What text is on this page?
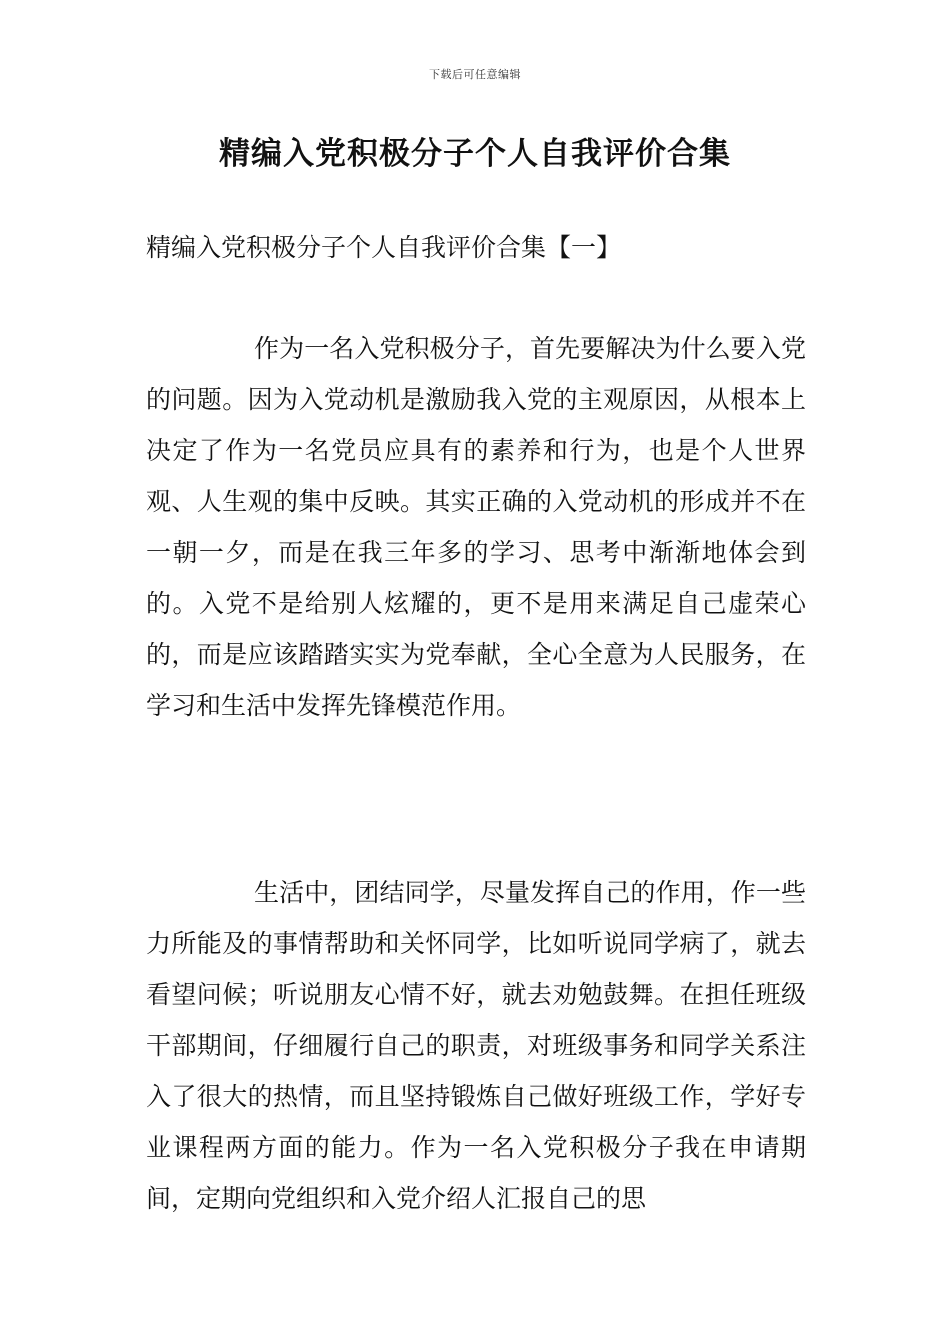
下载后可任意编辑
精编入党积极分子个人自我评价合集
精编入党积极分子个人自我评价合集【一】

作为一名入党积极分子，首先要解决为什么要入党的问题。因为入党动机是激励我入党的主观原因，从根本上决定了作为一名党员应具有的素养和行为，也是个人世界观、人生观的集中反映。其实正确的入党动机的形成并不在一朝一夕，而是在我三年多的学习、思考中渐渐地体会到的。入党不是给别人炫耀的，更不是用来满足自己虚荣心的，而是应该踏踏实实为党奉献，全心全意为人民服务，在学习和生活中发挥先锋模范作用。

生活中，团结同学，尽量发挥自己的作用，作一些力所能及的事情帮助和关怀同学，比如听说同学病了，就去看望问候；听说朋友心情不好，就去劝勉鼓舞。在担任班级干部期间，仔细履行自己的职责，对班级事务和同学关系注入了很大的热情，而且坚持锻炼自己做好班级工作，学好专业课程两方面的能力。作为一名入党积极分子我在申请期间，定期向党组织和入党介绍人汇报自己的思
